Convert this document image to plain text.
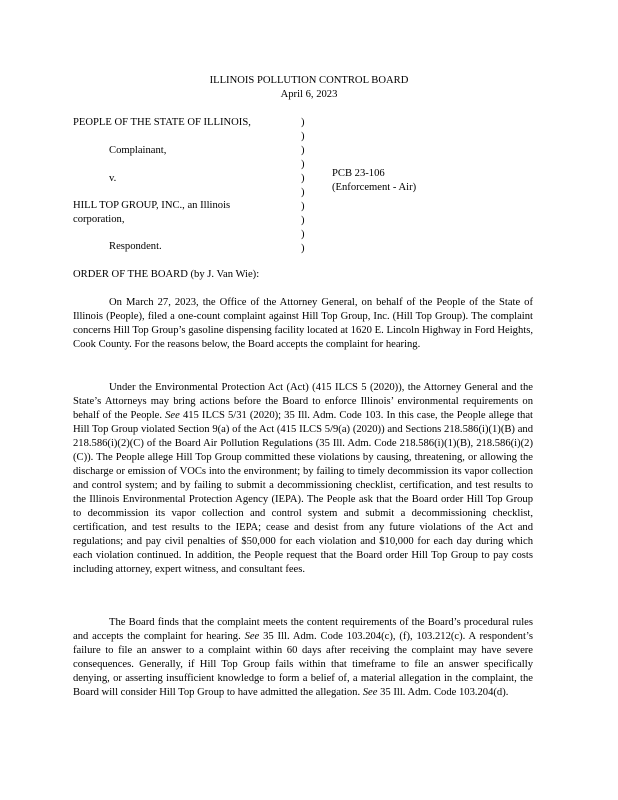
ILLINOIS POLLUTION CONTROL BOARD
April 6, 2023
PEOPLE OF THE STATE OF ILLINOIS,
Complainant,
v.
HILL TOP GROUP, INC., an Illinois
corporation,
Respondent.
)
)
)
)
)
)
)
)
)
)
PCB 23-106
(Enforcement - Air)
ORDER OF THE BOARD (by J. Van Wie):

On March 27, 2023, the Office of the Attorney General, on behalf of the People of the State of Illinois (People), filed a one-count complaint against Hill Top Group, Inc. (Hill Top Group). The complaint concerns Hill Top Group’s gasoline dispensing facility located at 1620 E. Lincoln Highway in Ford Heights, Cook County. For the reasons below, the Board accepts the complaint for hearing.

Under the Environmental Protection Act (Act) (415 ILCS 5 (2020)), the Attorney General and the State’s Attorneys may bring actions before the Board to enforce Illinois’ environmental requirements on behalf of the People. See 415 ILCS 5/31 (2020); 35 Ill. Adm. Code 103. In this case, the People allege that Hill Top Group violated Section 9(a) of the Act (415 ILCS 5/9(a) (2020)) and Sections 218.586(i)(1)(B) and 218.586(i)(2)(C) of the Board Air Pollution Regulations (35 Ill. Adm. Code 218.586(i)(1)(B), 218.586(i)(2)(C)). The People allege Hill Top Group committed these violations by causing, threatening, or allowing the discharge or emission of VOCs into the environment; by failing to timely decommission its vapor collection and control system; and by failing to submit a decommissioning checklist, certification, and test results to the Illinois Environmental Protection Agency (IEPA). The People ask that the Board order Hill Top Group to decommission its vapor collection and control system and submit a decommissioning checklist, certification, and test results to the IEPA; cease and desist from any future violations of the Act and regulations; and pay civil penalties of $50,000 for each violation and $10,000 for each day during which each violation continued. In addition, the People request that the Board order Hill Top Group to pay costs including attorney, expert witness, and consultant fees.

The Board finds that the complaint meets the content requirements of the Board’s procedural rules and accepts the complaint for hearing. See 35 Ill. Adm. Code 103.204(c), (f), 103.212(c). A respondent’s failure to file an answer to a complaint within 60 days after receiving the complaint may have severe consequences. Generally, if Hill Top Group fails within that timeframe to file an answer specifically denying, or asserting insufficient knowledge to form a belief of, a material allegation in the complaint, the Board will consider Hill Top Group to have admitted the allegation. See 35 Ill. Adm. Code 103.204(d).
